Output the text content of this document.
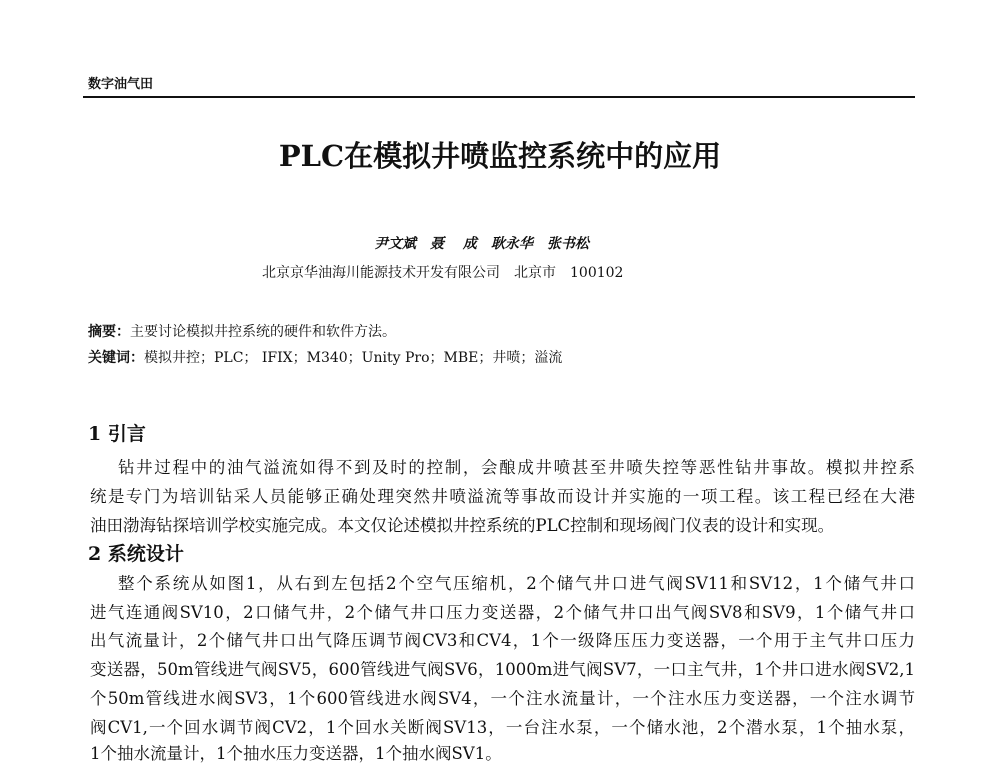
数字油气田
PLC在模拟井喷监控系统中的应用
尹文斌　聂 成　耿永华　张书松
北京京华油海川能源技术开发有限公司　北京市　100102
摘要：主要讨论模拟井控系统的硬件和软件方法。
关键词：模拟井控；PLC； IFIX；M340；Unity Pro；MBE；井喷；溢流
1 引言
钻井过程中的油气溢流如得不到及时的控制，会酿成井喷甚至井喷失控等恶性钻井事故。模拟井控系
统是专门为培训钻采人员能够正确处理突然井喷溢流等事故而设计并实施的一项工程。该工程已经在大港
油田渤海钻探培训学校实施完成。本文仅论述模拟井控系统的PLC控制和现场阀门仪表的设计和实现。
2 系统设计
整个系统从如图1，从右到左包括2个空气压缩机，2个储气井口进气阀SV11和SV12，1个储气井口
进气连通阀SV10，2口储气井，2个储气井口压力变送器，2个储气井口出气阀SV8和SV9，1个储气井口
出气流量计，2个储气井口出气降压调节阀CV3和CV4，1个一级降压压力变送器，一个用于主气井口压力
变送器，50m管线进气阀SV5，600管线进气阀SV6，1000m进气阀SV7，一口主气井，1个井口进水阀SV2,1
个50m管线进水阀SV3，1个600管线进水阀SV4，一个注水流量计，一个注水压力变送器，一个注水调节
阀CV1,一个回水调节阀CV2，1个回水关断阀SV13，一台注水泵，一个储水池，2个潜水泵，1个抽水泵，
1个抽水流量计，1个抽水压力变送器，1个抽水阀SV1。
